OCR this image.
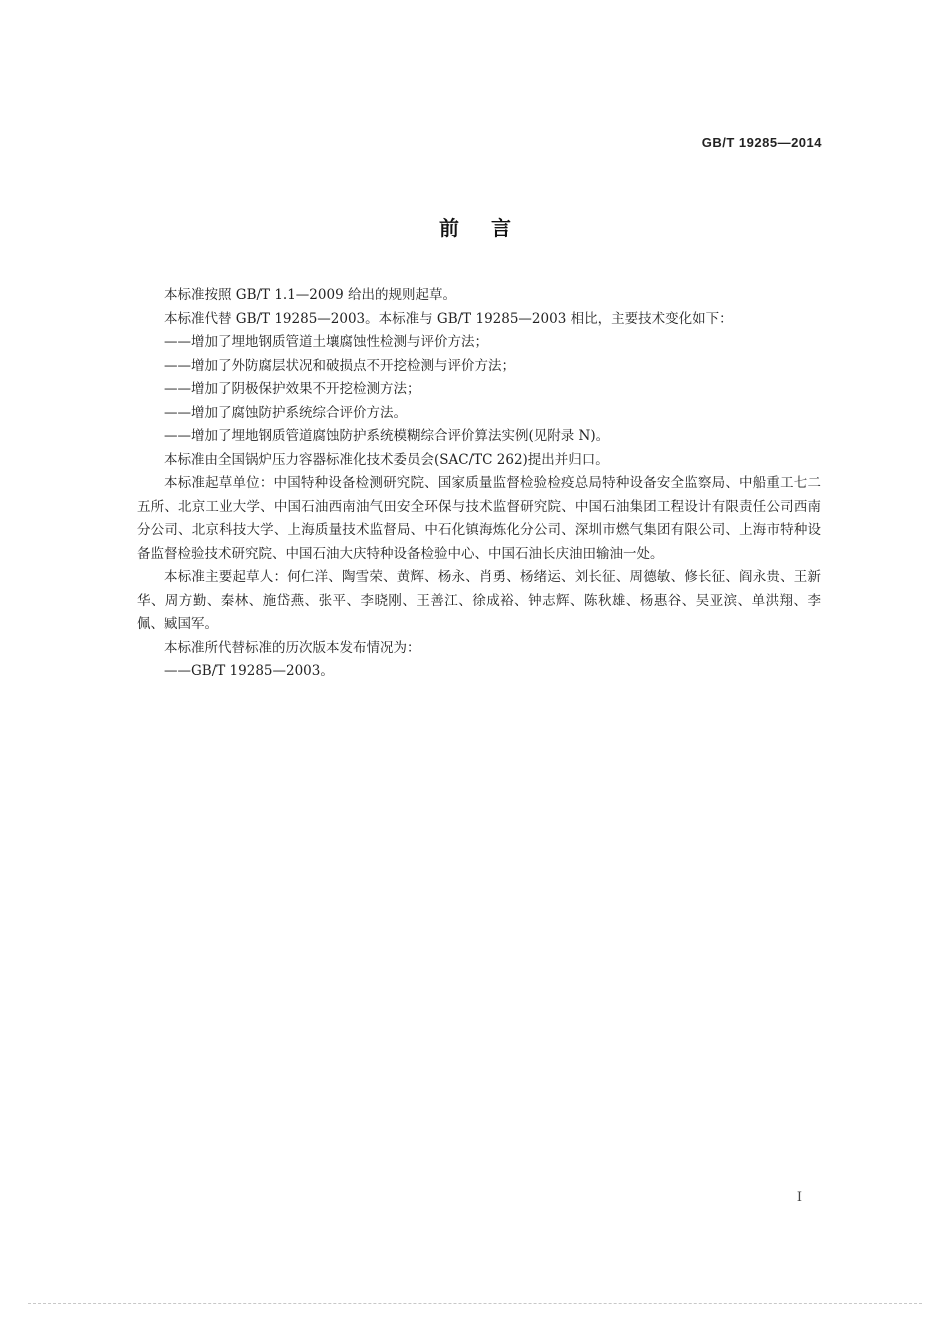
GB/T 19285—2014
前言

本标准按照 GB/T 1.1—2009 给出的规则起草。

本标准代替 GB/T 19285—2003。本标准与 GB/T 19285—2003 相比，主要技术变化如下：

——增加了埋地钢质管道土壤腐蚀性检测与评价方法；

——增加了外防腐层状况和破损点不开挖检测与评价方法；

——增加了阴极保护效果不开挖检测方法；

——增加了腐蚀防护系统综合评价方法。

——增加了埋地钢质管道腐蚀防护系统模糊综合评价算法实例(见附录 N)。

本标准由全国锅炉压力容器标准化技术委员会(SAC/TC 262)提出并归口。

本标准起草单位：中国特种设备检测研究院、国家质量监督检验检疫总局特种设备安全监察局、中船重工七二五所、北京工业大学、中国石油西南油气田安全环保与技术监督研究院、中国石油集团工程设计有限责任公司西南分公司、北京科技大学、上海质量技术监督局、中石化镇海炼化分公司、深圳市燃气集团有限公司、上海市特种设备监督检验技术研究院、中国石油大庆特种设备检验中心、中国石油长庆油田输油一处。

本标准主要起草人：何仁洋、陶雪荣、黄辉、杨永、肖勇、杨绪运、刘长征、周德敏、修长征、阎永贵、王新华、周方勤、秦林、施岱燕、张平、李晓刚、王善江、徐成裕、钟志辉、陈秋雄、杨惠谷、吴亚滨、单洪翔、李佩、臧国军。

本标准所代替标准的历次版本发布情况为：

——GB/T 19285—2003。

I
